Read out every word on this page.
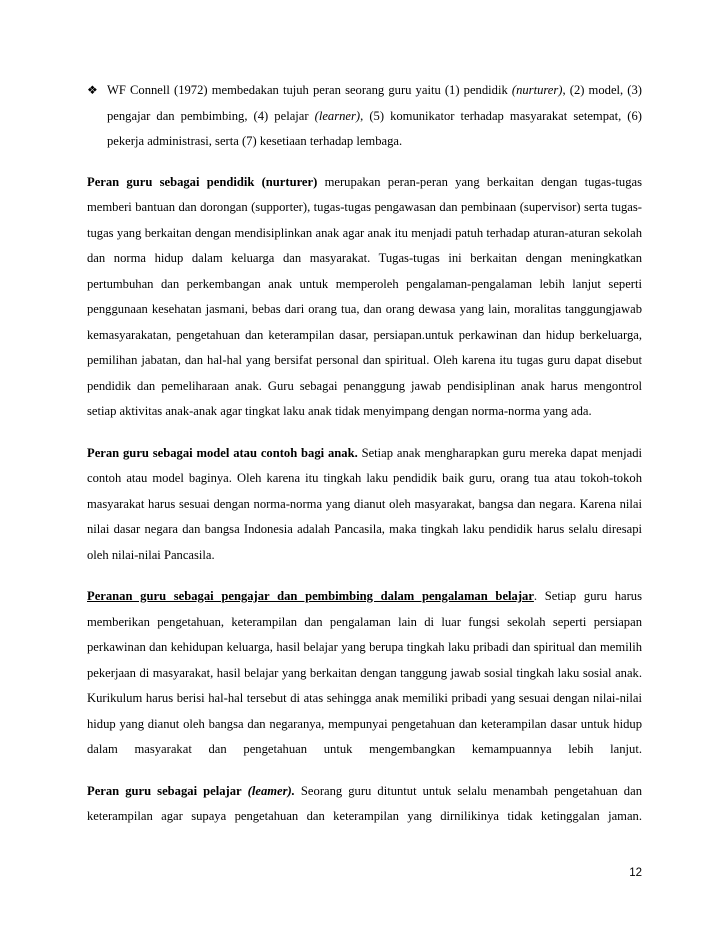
❖ WF Connell (1972) membedakan tujuh peran seorang guru yaitu (1) pendidik (nurturer), (2) model, (3) pengajar dan pembimbing, (4) pelajar (learner), (5) komunikator terhadap masyarakat setempat, (6) pekerja administrasi, serta (7) kesetiaan terhadap lembaga.

Peran guru sebagai pendidik (nurturer) merupakan peran-peran yang berkaitan dengan tugas-tugas memberi bantuan dan dorongan (supporter), tugas-tugas pengawasan dan pembinaan (supervisor) serta tugas-tugas yang berkaitan dengan mendisiplinkan anak agar anak itu menjadi patuh terhadap aturan-aturan sekolah dan norma hidup dalam keluarga dan masyarakat. Tugas-tugas ini berkaitan dengan meningkatkan pertumbuhan dan perkembangan anak untuk memperoleh pengalaman-pengalaman lebih lanjut seperti penggunaan kesehatan jasmani, bebas dari orang tua, dan orang dewasa yang lain, moralitas tanggungjawab kemasyarakatan, pengetahuan dan keterampilan dasar, persiapan.untuk perkawinan dan hidup berkeluarga, pemilihan jabatan, dan hal-hal yang bersifat personal dan spiritual. Oleh karena itu tugas guru dapat disebut pendidik dan pemeliharaan anak. Guru sebagai penanggung jawab pendisiplinan anak harus mengontrol setiap aktivitas anak-anak agar tingkat laku anak tidak menyimpang dengan norma-norma yang ada.

Peran guru sebagai model atau contoh bagi anak. Setiap anak mengharapkan guru mereka dapat menjadi contoh atau model baginya. Oleh karena itu tingkah laku pendidik baik guru, orang tua atau tokoh-tokoh masyarakat harus sesuai dengan norma-norma yang dianut oleh masyarakat, bangsa dan negara. Karena nilai nilai dasar negara dan bangsa Indonesia adalah Pancasila, maka tingkah laku pendidik harus selalu diresapi oleh nilai-nilai Pancasila.

Peranan guru sebagai pengajar dan pembimbing dalam pengalaman belajar. Setiap guru harus memberikan pengetahuan, keterampilan dan pengalaman lain di luar fungsi sekolah seperti persiapan perkawinan dan kehidupan keluarga, hasil belajar yang berupa tingkah laku pribadi dan spiritual dan memilih pekerjaan di masyarakat, hasil belajar yang berkaitan dengan tanggung jawab sosial tingkah laku sosial anak. Kurikulum harus berisi hal-hal tersebut di atas sehingga anak memiliki pribadi yang sesuai dengan nilai-nilai hidup yang dianut oleh bangsa dan negaranya, mempunyai pengetahuan dan keterampilan dasar untuk hidup dalam masyarakat dan pengetahuan untuk mengembangkan kemampuannya lebih lanjut.

Peran guru sebagai pelajar (leamer). Seorang guru dituntut untuk selalu menambah pengetahuan dan keterampilan agar supaya pengetahuan dan keterampilan yang dirnilikinya tidak ketinggalan jaman.

12
